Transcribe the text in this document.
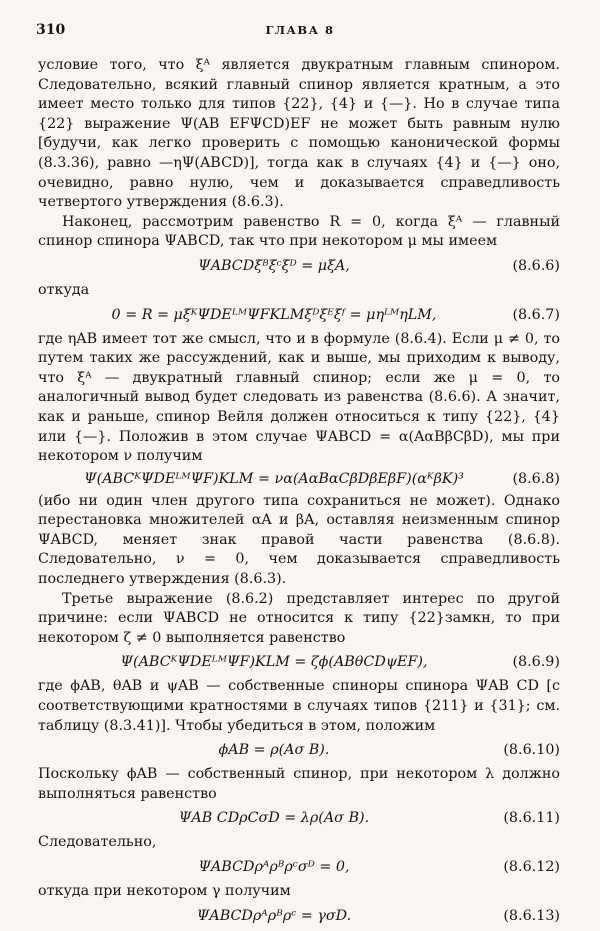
310	ГЛАВА 8

условие того, что ξᴬ является двукратным главным спинором. Следовательно, всякий главный спинор является кратным, а это имеет место только для типов {22}, {4} и {—}. Но в случае типа {22} выражение Ψ(AB EFΨCD)EF не может быть равным нулю [будучи, как легко проверить с помощью канонической формы (8.3.36), равно —ηΨ(ABCD)], тогда как в случаях {4} и {—} оно, очевидно, равно нулю, чем и доказывается справедливость четвертого утверждения (8.6.3).

Наконец, рассмотрим равенство R = 0, когда ξᴬ — главный спинор спинора ΨABCD, так что при некотором μ мы имеем

ΨABCDξᴮξᶜξᴰ = μξA,	(8.6.6)

откуда

0 = R = μξᴷΨDEᴸᴹΨFKLMξᴰξᴱξᶠ = μηᴸᴹηLM,	(8.6.7)

где ηAB имеет тот же смысл, что и в формуле (8.6.4). Если μ ≠ 0, то путем таких же рассуждений, как и выше, мы приходим к выводу, что ξᴬ — двукратный главный спинор; если же μ = 0, то аналогичный вывод будет следовать из равенства (8.6.6). А значит, как и раньше, спинор Вейля должен относиться к типу {22}, {4} или {—}. Положив в этом случае ΨABCD = α(AαBβCβD), мы при некотором ν получим

Ψ(ABCᴷΨDEᴸᴹΨF)KLM = να(AαBαCβDβEβF)(αᴷβK)³	(8.6.8)

(ибо ни один член другого типа сохраниться не может). Однако перестановка множителей αA и βA, оставляя неизменным спинор ΨABCD, меняет знак правой части равенства (8.6.8). Следовательно, ν = 0, чем доказывается справедливость последнего утверждения (8.6.3).

Третье выражение (8.6.2) представляет интерес по другой причине: если ΨABCD не относится к типу {22}замкн, то при некотором ζ ≠ 0 выполняется равенство

Ψ(ABCᴷΨDEᴸᴹΨF)KLM = ζϕ(ABθCDψEF),	(8.6.9)

где ϕAB, θAB и ψAB — собственные спиноры спинора ΨAB CD [с соответствующими кратностями в случаях типов {211} и {31}; см. таблицу (8.3.41)]. Чтобы убедиться в этом, положим

ϕAB = ρ(Aσ B).	(8.6.10)

Поскольку ϕAB — собственный спинор, при некотором λ должно выполняться равенство

ΨAB CDρCσD = λρ(Aσ B).	(8.6.11)

Следовательно,

ΨABCDρᴬρᴮρᶜσᴰ = 0,	(8.6.12)

откуда при некотором γ получим

ΨABCDρᴬρᴮρᶜ = γσD.	(8.6.13)
